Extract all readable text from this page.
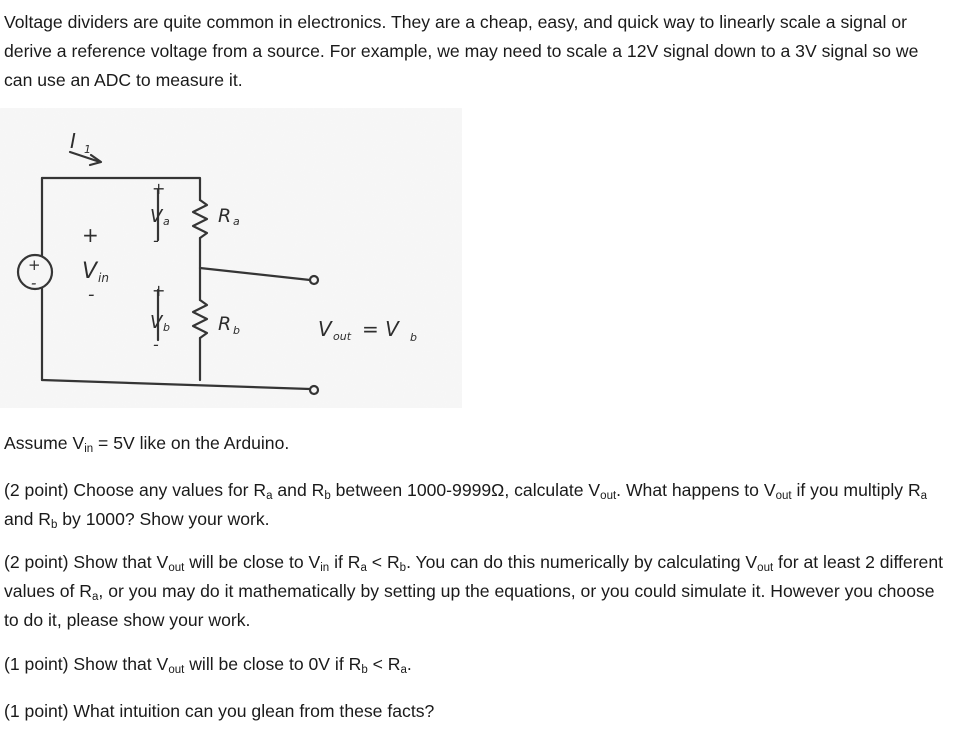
Voltage dividers are quite common in electronics. They are a cheap, easy, and quick way to linearly scale a signal or derive a reference voltage from a source. For example, we may need to scale a 12V signal down to a 3V signal so we can use an ADC to measure it.

+
-
I 1
+
V in
-
+
V a
-
R a
+
V b
-
R b	V out = V b

Assume $V_{in} = 5V$ like on the Arduino.

(2 point) Choose any values for $R_a$ and $R_b$ between 1000-9999Ω, calculate $V_{out}$. What happens to $V_{out}$ if you multiply $R_a$ and $R_b$ by 1000? Show your work.

(2 point) Show that $V_{out}$ will be close to $V_{in}$ if $R_a < R_b$. You can do this numerically by calculating $V_{out}$ for at least 2 different values of $R_a$, or you may do it mathematically by setting up the equations, or you could simulate it. However you choose to do it, please show your work.

(1 point) Show that $V_{out}$ will be close to 0V if $R_b < R_a$.

(1 point) What intuition can you glean from these facts?
